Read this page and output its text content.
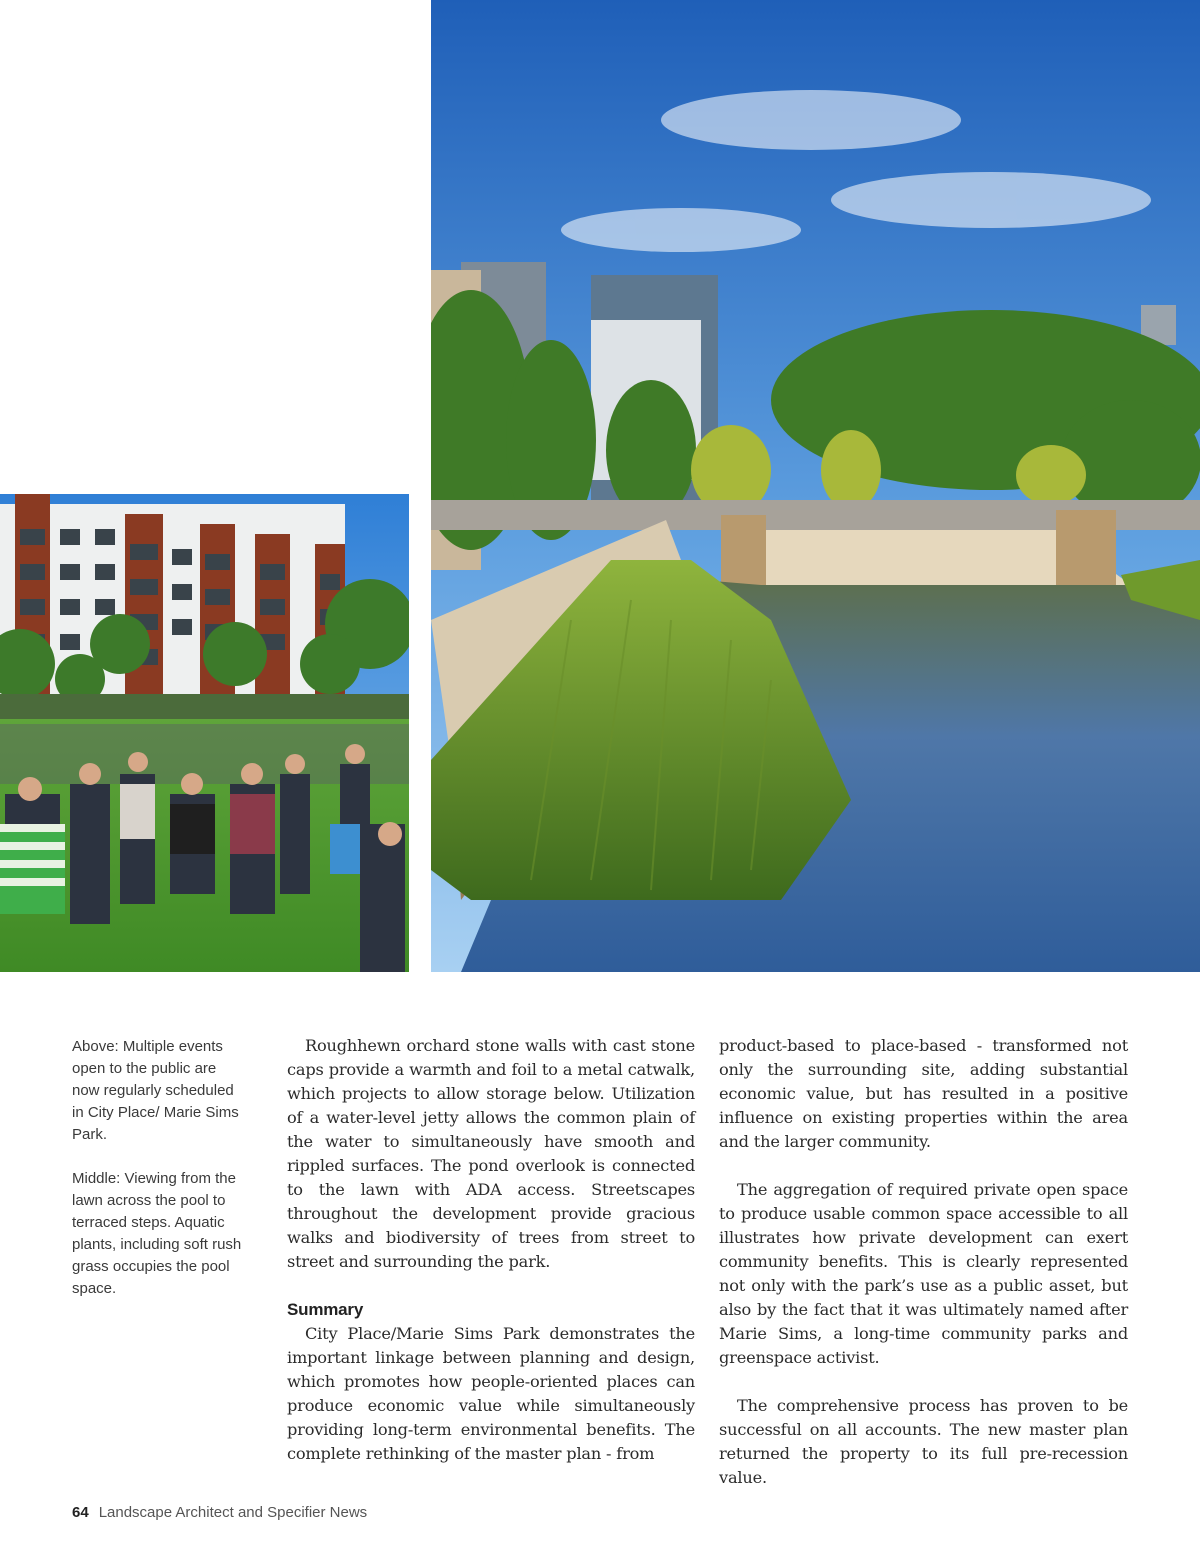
Above: Multiple events open to the public are now regularly scheduled in City Place/ Marie Sims Park.

Middle: Viewing from the lawn across the pool to terraced steps. Aquatic plants, including soft rush grass occupies the pool space.

Roughhewn orchard stone walls with cast stone caps provide a warmth and foil to a metal catwalk, which projects to allow storage below. Utilization of a water-level jetty allows the common plain of the water to simultaneously have smooth and rippled surfaces. The pond overlook is connected to the lawn with ADA access. Streetscapes throughout the development provide gracious walks and biodiversity of trees from street to street and surrounding the park.

Summary

City Place/Marie Sims Park demonstrates the important linkage between planning and design, which promotes how people-oriented places can produce economic value while simultaneously providing long-term environmental benefits. The complete rethinking of the master plan - from

product-based to place-based - transformed not only the surrounding site, adding substantial economic value, but has resulted in a positive influence on existing properties within the area and the larger community.

The aggregation of required private open space to produce usable common space accessible to all illustrates how private development can exert community benefits. This is clearly represented not only with the park’s use as a public asset, but also by the fact that it was ultimately named after Marie Sims, a long-time community parks and greenspace activist.

The comprehensive process has proven to be successful on all accounts. The new master plan returned the property to its full pre-recession value.

64 Landscape Architect and Specifier News
